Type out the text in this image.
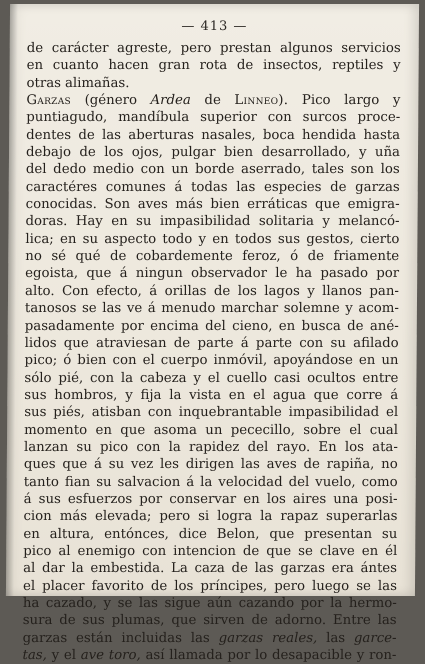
— 413 —
de carácter agreste, pero prestan algunos servicios
en cuanto hacen gran rota de insectos, reptiles y
otras alimañas.
Garzas (género Ardea de Linneo). Pico largo y
puntiagudo, mandíbula superior con surcos proce-
dentes de las aberturas nasales, boca hendida hasta
debajo de los ojos, pulgar bien desarrollado, y uña
del dedo medio con un borde aserrado, tales son los
caractéres comunes á todas las especies de garzas
conocidas. Son aves más bien erráticas que emigra-
doras. Hay en su impasibilidad solitaria y melancó-
lica; en su aspecto todo y en todos sus gestos, cierto
no sé qué de cobardemente feroz, ó de friamente
egoista, que á ningun observador le ha pasado por
alto. Con efecto, á orillas de los lagos y llanos pan-
tanosos se las ve á menudo marchar solemne y acom-
pasadamente por encima del cieno, en busca de ané-
lidos que atraviesan de parte á parte con su afilado
pico; ó bien con el cuerpo inmóvil, apoyándose en un
sólo pié, con la cabeza y el cuello casi ocultos entre
sus hombros, y fija la vista en el agua que corre á
sus piés, atisban con inquebrantable impasibilidad el
momento en que asoma un pececillo, sobre el cual
lanzan su pico con la rapidez del rayo. En los ata-
ques que á su vez les dirigen las aves de rapiña, no
tanto fian su salvacion á la velocidad del vuelo, como
á sus esfuerzos por conservar en los aires una posi-
cion más elevada; pero si logra la rapaz superarlas
en altura, entónces, dice Belon, que presentan su
pico al enemigo con intencion de que se clave en él
al dar la embestida. La caza de las garzas era ántes
el placer favorito de los príncipes, pero luego se las
ha cazado, y se las sigue aún cazando por la hermo-
sura de sus plumas, que sirven de adorno. Entre las
garzas están incluidas las garzas reales, las garce-
tas, y el ave toro, así llamada por lo desapacible y ron-
